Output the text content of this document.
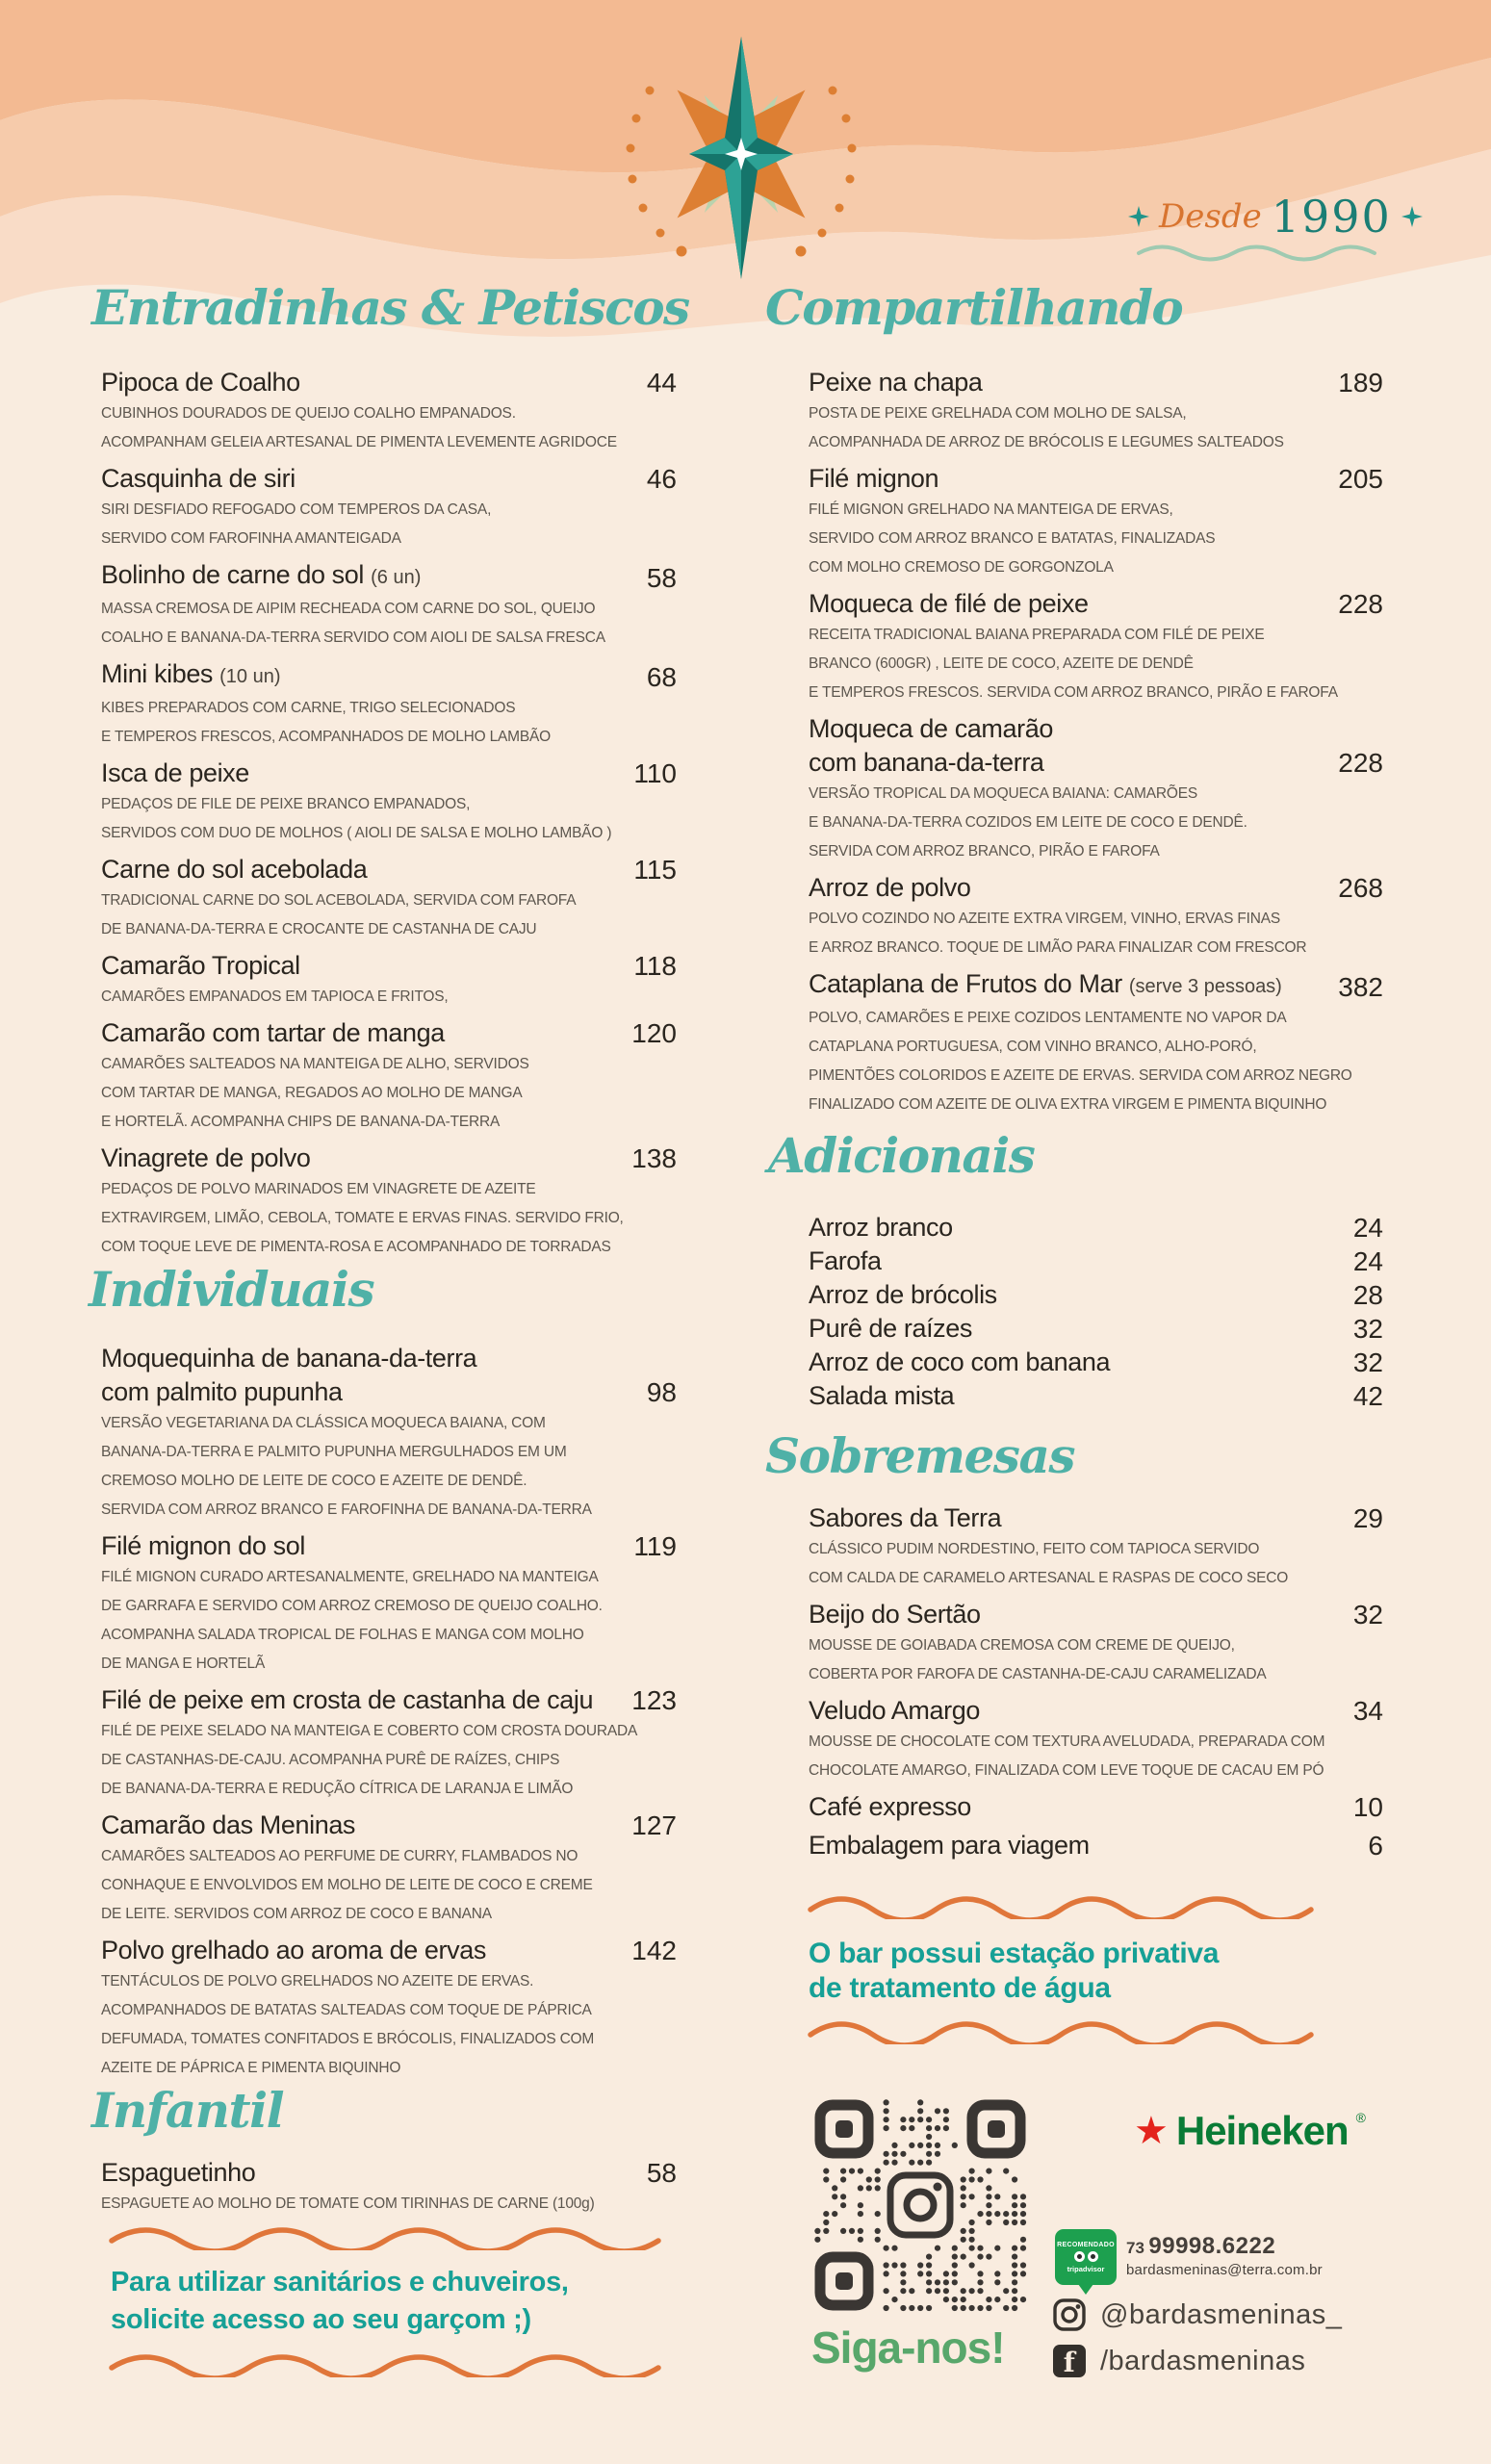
Desde 1990
Entradinhas & Petiscos Compartilhando
Individuais
Adicionais
Sobremesas
Infantil
Pipoca de Coalho	44
CUBINHOS DOURADOS DE QUEIJO COALHO EMPANADOS.
ACOMPANHAM GELEIA ARTESANAL DE PIMENTA LEVEMENTE AGRIDOCE
Casquinha de siri	46
SIRI DESFIADO REFOGADO COM TEMPEROS DA CASA,
SERVIDO COM FAROFINHA AMANTEIGADA
Bolinho de carne do sol (6 un)	58
MASSA CREMOSA DE AIPIM RECHEADA COM CARNE DO SOL, QUEIJO
COALHO E BANANA-DA-TERRA SERVIDO COM AIOLI DE SALSA FRESCA
Mini kibes (10 un)	68
KIBES PREPARADOS COM CARNE, TRIGO SELECIONADOS
E TEMPEROS FRESCOS, ACOMPANHADOS DE MOLHO LAMBÃO
Isca de peixe	110
PEDAÇOS DE FILE DE PEIXE BRANCO EMPANADOS,
SERVIDOS COM DUO DE MOLHOS ( AIOLI DE SALSA E MOLHO LAMBÃO )
Carne do sol acebolada	115
TRADICIONAL CARNE DO SOL ACEBOLADA, SERVIDA COM FAROFA
DE BANANA-DA-TERRA E CROCANTE DE CASTANHA DE CAJU
Camarão Tropical	118
CAMARÕES EMPANADOS EM TAPIOCA E FRITOS,
Camarão com tartar de manga	120
CAMARÕES SALTEADOS NA MANTEIGA DE ALHO, SERVIDOS
COM TARTAR DE MANGA, REGADOS AO MOLHO DE MANGA
E HORTELÃ. ACOMPANHA CHIPS DE BANANA-DA-TERRA
Vinagrete de polvo	138
PEDAÇOS DE POLVO MARINADOS EM VINAGRETE DE AZEITE
EXTRAVIRGEM, LIMÃO, CEBOLA, TOMATE E ERVAS FINAS. SERVIDO FRIO,
COM TOQUE LEVE DE PIMENTA-ROSA E ACOMPANHADO DE TORRADAS
Moquequinha de banana-da-terra
com palmito pupunha	98
VERSÃO VEGETARIANA DA CLÁSSICA MOQUECA BAIANA, COM
BANANA-DA-TERRA E PALMITO PUPUNHA MERGULHADOS EM UM
CREMOSO MOLHO DE LEITE DE COCO E AZEITE DE DENDÊ.
SERVIDA COM ARROZ BRANCO E FAROFINHA DE BANANA-DA-TERRA
Filé mignon do sol	119
FILÉ MIGNON CURADO ARTESANALMENTE, GRELHADO NA MANTEIGA
DE GARRAFA E SERVIDO COM ARROZ CREMOSO DE QUEIJO COALHO.
ACOMPANHA SALADA TROPICAL DE FOLHAS E MANGA COM MOLHO
DE MANGA E HORTELÃ
Filé de peixe em crosta de castanha de caju	123
FILÉ DE PEIXE SELADO NA MANTEIGA E COBERTO COM CROSTA DOURADA
DE CASTANHAS-DE-CAJU. ACOMPANHA PURÊ DE RAÍZES, CHIPS
DE BANANA-DA-TERRA E REDUÇÃO CÍTRICA DE LARANJA E LIMÃO
Camarão das Meninas	127
CAMARÕES SALTEADOS AO PERFUME DE CURRY, FLAMBADOS NO
CONHAQUE E ENVOLVIDOS EM MOLHO DE LEITE DE COCO E CREME
DE LEITE. SERVIDOS COM ARROZ DE COCO E BANANA
Polvo grelhado ao aroma de ervas	142
TENTÁCULOS DE POLVO GRELHADOS NO AZEITE DE ERVAS.
ACOMPANHADOS DE BATATAS SALTEADAS COM TOQUE DE PÁPRICA
DEFUMADA, TOMATES CONFITADOS E BRÓCOLIS, FINALIZADOS COM
AZEITE DE PÁPRICA E PIMENTA BIQUINHO
Espaguetinho	58
ESPAGUETE AO MOLHO DE TOMATE COM TIRINHAS DE CARNE (100g)
Peixe na chapa	189
POSTA DE PEIXE GRELHADA COM MOLHO DE SALSA,
ACOMPANHADA DE ARROZ DE BRÓCOLIS E LEGUMES SALTEADOS
Filé mignon	205
FILÉ MIGNON GRELHADO NA MANTEIGA DE ERVAS,
SERVIDO COM ARROZ BRANCO E BATATAS, FINALIZADAS
COM MOLHO CREMOSO DE GORGONZOLA
Moqueca de filé de peixe	228
RECEITA TRADICIONAL BAIANA PREPARADA COM FILÉ DE PEIXE
BRANCO (600GR) , LEITE DE COCO, AZEITE DE DENDÊ
E TEMPEROS FRESCOS. SERVIDA COM ARROZ BRANCO, PIRÃO E FAROFA
Moqueca de camarão
com banana-da-terra	228
VERSÃO TROPICAL DA MOQUECA BAIANA: CAMARÕES
E BANANA-DA-TERRA COZIDOS EM LEITE DE COCO E DENDÊ.
SERVIDA COM ARROZ BRANCO, PIRÃO E FAROFA
Arroz de polvo	268
POLVO COZINDO NO AZEITE EXTRA VIRGEM, VINHO, ERVAS FINAS
E ARROZ BRANCO. TOQUE DE LIMÃO PARA FINALIZAR COM FRESCOR
Cataplana de Frutos do Mar (serve 3 pessoas)	382
POLVO, CAMARÕES E PEIXE COZIDOS LENTAMENTE NO VAPOR DA
CATAPLANA PORTUGUESA, COM VINHO BRANCO, ALHO-PORÓ,
PIMENTÕES COLORIDOS E AZEITE DE ERVAS. SERVIDA COM ARROZ NEGRO
FINALIZADO COM AZEITE DE OLIVA EXTRA VIRGEM E PIMENTA BIQUINHO
Arroz branco	24
Farofa	24
Arroz de brócolis	28
Purê de raízes	32
Arroz de coco com banana	32
Salada mista	42
Sabores da Terra	29
CLÁSSICO PUDIM NORDESTINO, FEITO COM TAPIOCA SERVIDO
COM CALDA DE CARAMELO ARTESANAL E RASPAS DE COCO SECO
Beijo do Sertão	32
MOUSSE DE GOIABADA CREMOSA COM CREME DE QUEIJO,
COBERTA POR FAROFA DE CASTANHA-DE-CAJU CARAMELIZADA
Veludo Amargo	34
MOUSSE DE CHOCOLATE COM TEXTURA AVELUDADA, PREPARADA COM
CHOCOLATE AMARGO, FINALIZADA COM LEVE TOQUE DE CACAU EM PÓ
Café expresso	10
Embalagem para viagem	6
Para utilizar sanitários e chuveiros,
solicite acesso ao seu garçom ;)
O bar possui estação privativa
de tratamento de água
Siga-nos!
★ Heineken ®
RECOMENDADO
tripadvisor
73 99998.6222
bardasmeninas@terra.com.br
@bardasmeninas_
f /bardasmeninas
